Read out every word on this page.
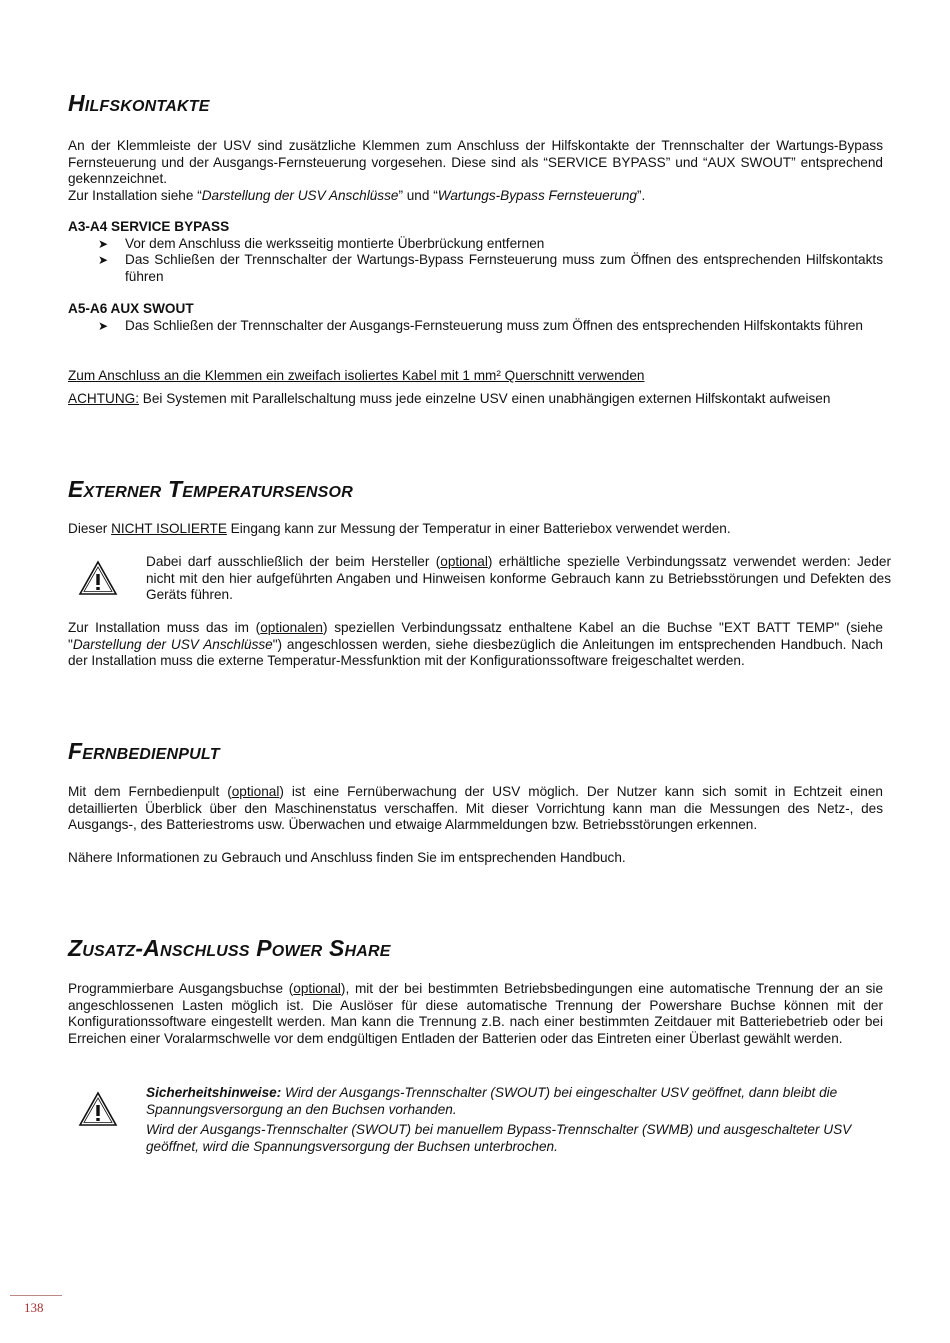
Hilfskontakte

An der Klemmleiste der USV sind zusätzliche Klemmen zum Anschluss der Hilfskontakte der Trennschalter der Wartungs-Bypass Fernsteuerung und der Ausgangs-Fernsteuerung vorgesehen. Diese sind als “SERVICE BYPASS” und “AUX SWOUT” entsprechend gekennzeichnet.

Zur Installation siehe “Darstellung der USV Anschlüsse” und “Wartungs-Bypass Fernsteuerung”.

A3-A4 SERVICE BYPASS

➤ Vor dem Anschluss die werksseitig montierte Überbrückung entfernen
➤ Das Schließen der Trennschalter der Wartungs-Bypass Fernsteuerung muss zum Öffnen des entsprechenden Hilfskontakts führen

A5-A6 AUX SWOUT

➤ Das Schließen der Trennschalter der Ausgangs-Fernsteuerung muss zum Öffnen des entsprechenden Hilfskontakts führen

Zum Anschluss an die Klemmen ein zweifach isoliertes Kabel mit 1 mm² Querschnitt verwenden

ACHTUNG: Bei Systemen mit Parallelschaltung muss jede einzelne USV einen unabhängigen externen Hilfskontakt aufweisen

Externer Temperatursensor

Dieser NICHT ISOLIERTE Eingang kann zur Messung der Temperatur in einer Batteriebox verwendet werden.

Dabei darf ausschließlich der beim Hersteller (optional) erhältliche spezielle Verbindungssatz verwendet werden: Jeder nicht mit den hier aufgeführten Angaben und Hinweisen konforme Gebrauch kann zu Betriebsstörungen und Defekten des Geräts führen.

Zur Installation muss das im (optionalen) speziellen Verbindungssatz enthaltene Kabel an die Buchse "EXT BATT TEMP" (siehe "Darstellung der USV Anschlüsse") angeschlossen werden, siehe diesbezüglich die Anleitungen im entsprechenden Handbuch. Nach der Installation muss die externe Temperatur-Messfunktion mit der Konfigurationssoftware freigeschaltet werden.

Fernbedienpult

Mit dem Fernbedienpult (optional) ist eine Fernüberwachung der USV möglich. Der Nutzer kann sich somit in Echtzeit einen detaillierten Überblick über den Maschinenstatus verschaffen. Mit dieser Vorrichtung kann man die Messungen des Netz-, des Ausgangs-, des Batteriestroms usw. Überwachen und etwaige Alarmmeldungen bzw. Betriebsstörungen erkennen.

Nähere Informationen zu Gebrauch und Anschluss finden Sie im entsprechenden Handbuch.

Zusatz-Anschluss Power Share

Programmierbare Ausgangsbuchse (optional), mit der bei bestimmten Betriebsbedingungen eine automatische Trennung der an sie angeschlossenen Lasten möglich ist. Die Auslöser für diese automatische Trennung der Powershare Buchse können mit der Konfigurationssoftware eingestellt werden. Man kann die Trennung z.B. nach einer bestimmten Zeitdauer mit Batteriebetrieb oder bei Erreichen einer Voralarmschwelle vor dem endgültigen Entladen der Batterien oder das Eintreten einer Überlast gewählt werden.

Sicherheitshinweise: Wird der Ausgangs-Trennschalter (SWOUT) bei eingeschalter USV geöffnet, dann bleibt die Spannungsversorgung an den Buchsen vorhanden.

Wird der Ausgangs-Trennschalter (SWOUT) bei manuellem Bypass-Trennschalter (SWMB) und ausgeschalteter USV geöffnet, wird die Spannungsversorgung der Buchsen unterbrochen.

138
